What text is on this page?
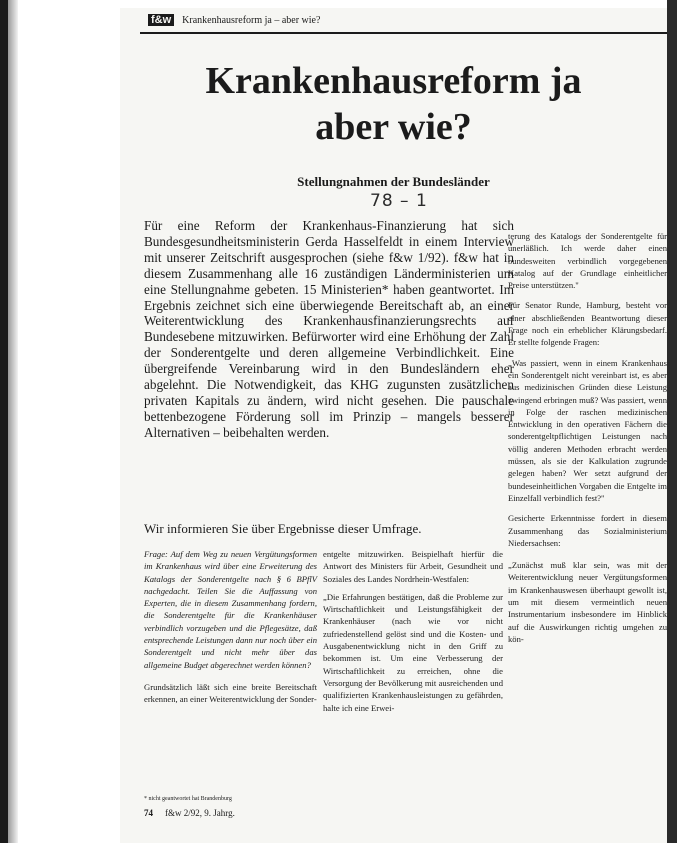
f&w	Krankenhausreform ja – aber wie?
Krankenhausreform ja
aber wie?
Stellungnahmen der Bundesländer
78 – 1

Für eine Reform der Krankenhaus-Finanzierung hat sich Bundesgesundheitsministerin Gerda Hasselfeldt in einem Interview mit unserer Zeitschrift ausgesprochen (siehe f&w 1/92). f&w hat in diesem Zusammenhang alle 16 zuständigen Länderministerien um eine Stellungnahme gebeten. 15 Ministerien* haben geantwortet. Im Ergebnis zeichnet sich eine überwiegende Bereitschaft ab, an einer Weiterentwicklung des Krankenhausfinanzierungsrechts auf Bundesebene mitzuwirken. Befürworter wird eine Erhöhung der Zahl der Sonderentgelte und deren allgemeine Verbindlichkeit. Eine übergreifende Vereinbarung wird in den Bundesländern eher abgelehnt. Die Notwendigkeit, das KHG zugunsten zusätzlichen privaten Kapitals zu ändern, wird nicht gesehen. Die pauschale bettenbezogene Förderung soll im Prinzip – mangels besserer Alternativen – beibehalten werden.

Wir informieren Sie über Ergebnisse dieser Umfrage.

Frage: Auf dem Weg zu neuen Vergütungsformen im Krankenhaus wird über eine Erweiterung des Katalogs der Sonderentgelte nach § 6 BPflV nachgedacht. Teilen Sie die Auffassung von Experten, die in diesem Zusammenhang fordern, die Sonderentgelte für die Krankenhäuser verbindlich vorzugeben und die Pflegesätze, daß entsprechende Leistungen dann nur noch über ein Sonderentgelt und nicht mehr über das allgemeine Budget abgerechnet werden können?

Grundsätzlich läßt sich eine breite Bereitschaft erkennen, an einer Weiterentwicklung der Sonder-

entgelte mitzuwirken. Beispielhaft hierfür die Antwort des Ministers für Arbeit, Gesundheit und Soziales des Landes Nordrhein-Westfalen:

„Die Erfahrungen bestätigen, daß die Probleme zur Wirtschaftlichkeit und Leistungsfähigkeit der Krankenhäuser (nach wie vor nicht zufriedenstellend gelöst sind und die Kosten- und Ausgabenentwicklung nicht in den Griff zu bekommen ist. Um eine Verbesserung der Wirtschaftlichkeit zu erreichen, ohne die Versorgung der Bevölkerung mit ausreichenden und qualifizierten Krankenhausleistungen zu gefährden, halte ich eine Erwei-

terung des Katalogs der Sonderentgelte für unerläßlich. Ich werde daher einen bundesweiten verbindlich vorgegebenen Katalog auf der Grundlage einheitlicher Preise unterstützen."

Für Senator Runde, Hamburg, besteht vor einer abschließenden Beantwortung dieser Frage noch ein erheblicher Klärungsbedarf. Er stellte folgende Fragen:

„Was passiert, wenn in einem Krankenhaus ein Sonderentgelt nicht vereinbart ist, es aber aus medizinischen Gründen diese Leistung zwingend erbringen muß? Was passiert, wenn in Folge der raschen medizinischen Entwicklung in den operativen Fächern die sonderentgeltpflichtigen Leistungen nach völlig anderen Methoden erbracht werden müssen, als sie der Kalkulation zugrunde gelegen haben? Wer setzt aufgrund der bundeseinheitlichen Vorgaben die Entgelte im Einzelfall verbindlich fest?"

Gesicherte Erkenntnisse fordert in diesem Zusammenhang das Sozialministerium Niedersachsen:

„Zunächst muß klar sein, was mit der Weiterentwicklung neuer Vergütungsformen im Krankenhauswesen überhaupt gewollt ist, um mit diesem vermeintlich neuen Instrumentarium insbesondere im Hinblick auf die Auswirkungen richtig umgehen zu kön-

* nicht geantwortet hat Brandenburg
74 f&w 2/92, 9. Jahrg.
